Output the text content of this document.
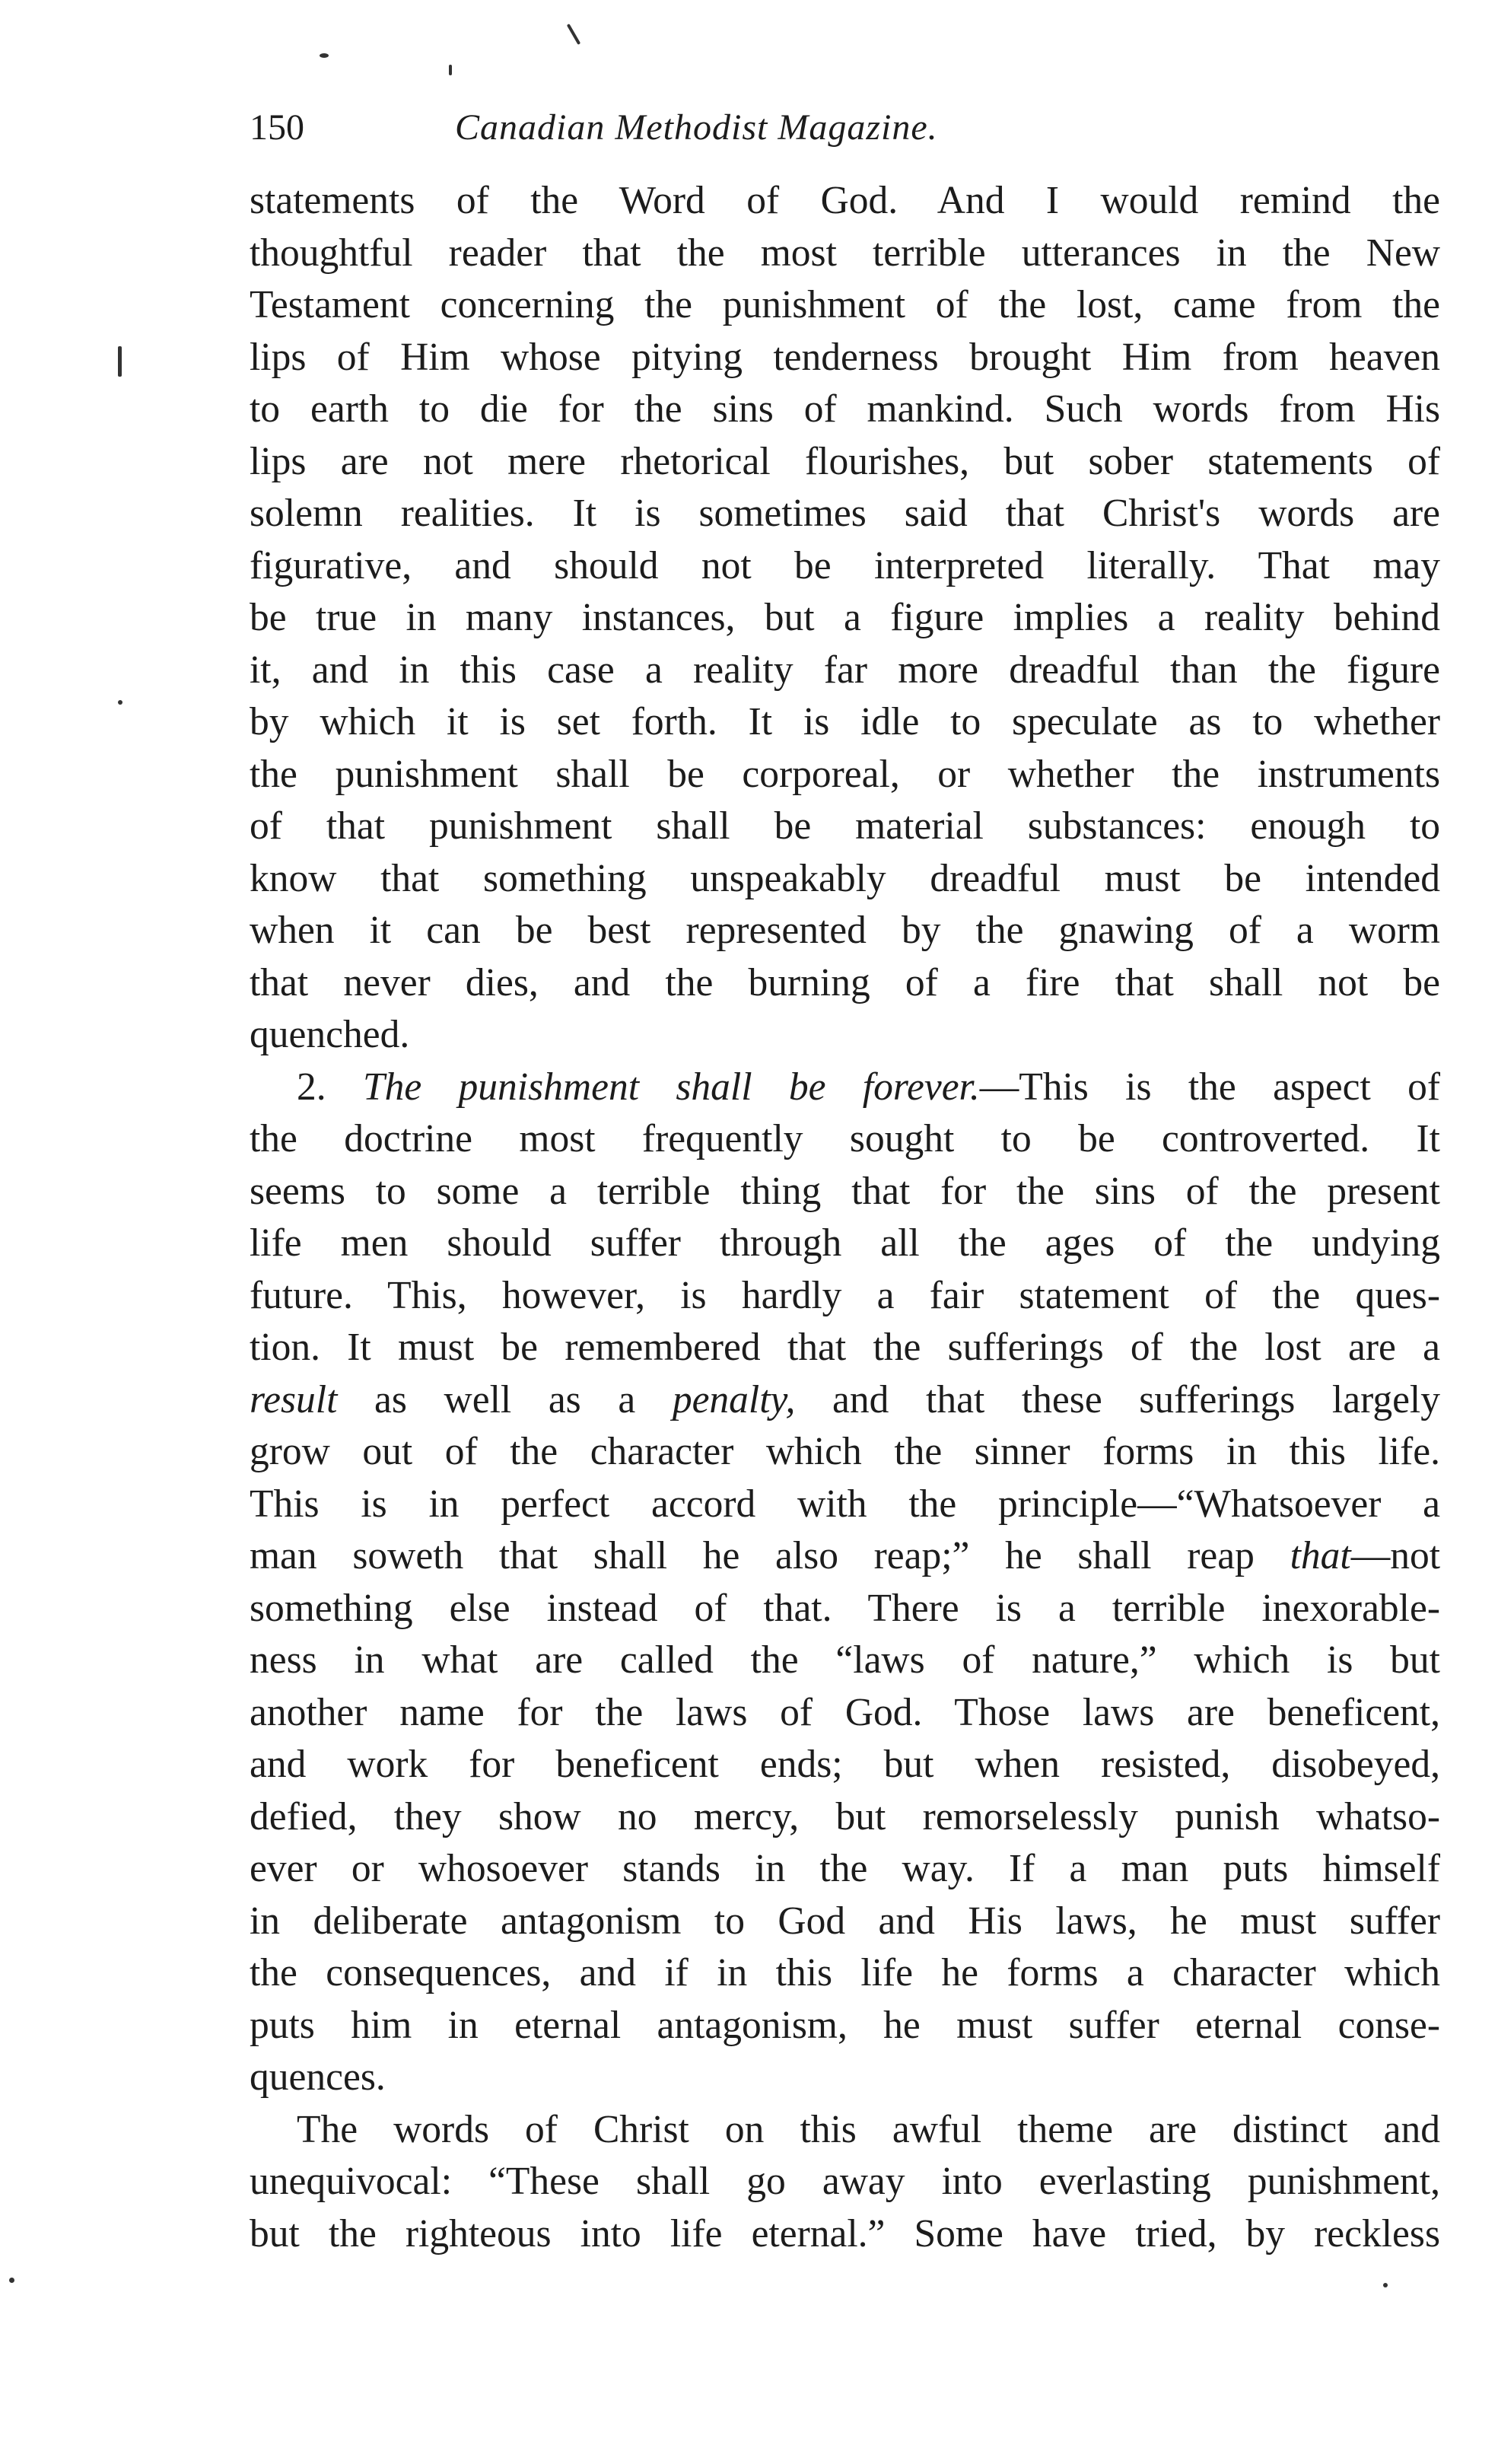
150	Canadian Methodist Magazine.
statements of the Word of God. And I would remind the
thoughtful reader that the most terrible utterances in the New
Testament concerning the punishment of the lost, came from the
lips of Him whose pitying tenderness brought Him from heaven
to earth to die for the sins of mankind. Such words from His
lips are not mere rhetorical flourishes, but sober statements of
solemn realities. It is sometimes said that Christ's words are
figurative, and should not be interpreted literally. That may
be true in many instances, but a figure implies a reality behind
it, and in this case a reality far more dreadful than the figure
by which it is set forth. It is idle to speculate as to whether
the punishment shall be corporeal, or whether the instruments
of that punishment shall be material substances: enough to
know that something unspeakably dreadful must be intended
when it can be best represented by the gnawing of a worm
that never dies, and the burning of a fire that shall not be
quenched.
2. The punishment shall be forever.—This is the aspect of
the doctrine most frequently sought to be controverted. It
seems to some a terrible thing that for the sins of the present
life men should suffer through all the ages of the undying
future. This, however, is hardly a fair statement of the ques-
tion. It must be remembered that the sufferings of the lost are a
result as well as a penalty, and that these sufferings largely
grow out of the character which the sinner forms in this life.
This is in perfect accord with the principle—“Whatsoever a
man soweth that shall he also reap;” he shall reap that—not
something else instead of that. There is a terrible inexorable-
ness in what are called the “laws of nature,” which is but
another name for the laws of God. Those laws are beneficent,
and work for beneficent ends; but when resisted, disobeyed,
defied, they show no mercy, but remorselessly punish whatso-
ever or whosoever stands in the way. If a man puts himself
in deliberate antagonism to God and His laws, he must suffer
the consequences, and if in this life he forms a character which
puts him in eternal antagonism, he must suffer eternal conse-
quences.
The words of Christ on this awful theme are distinct and
unequivocal: “These shall go away into everlasting punishment,
but the righteous into life eternal.” Some have tried, by reckless
